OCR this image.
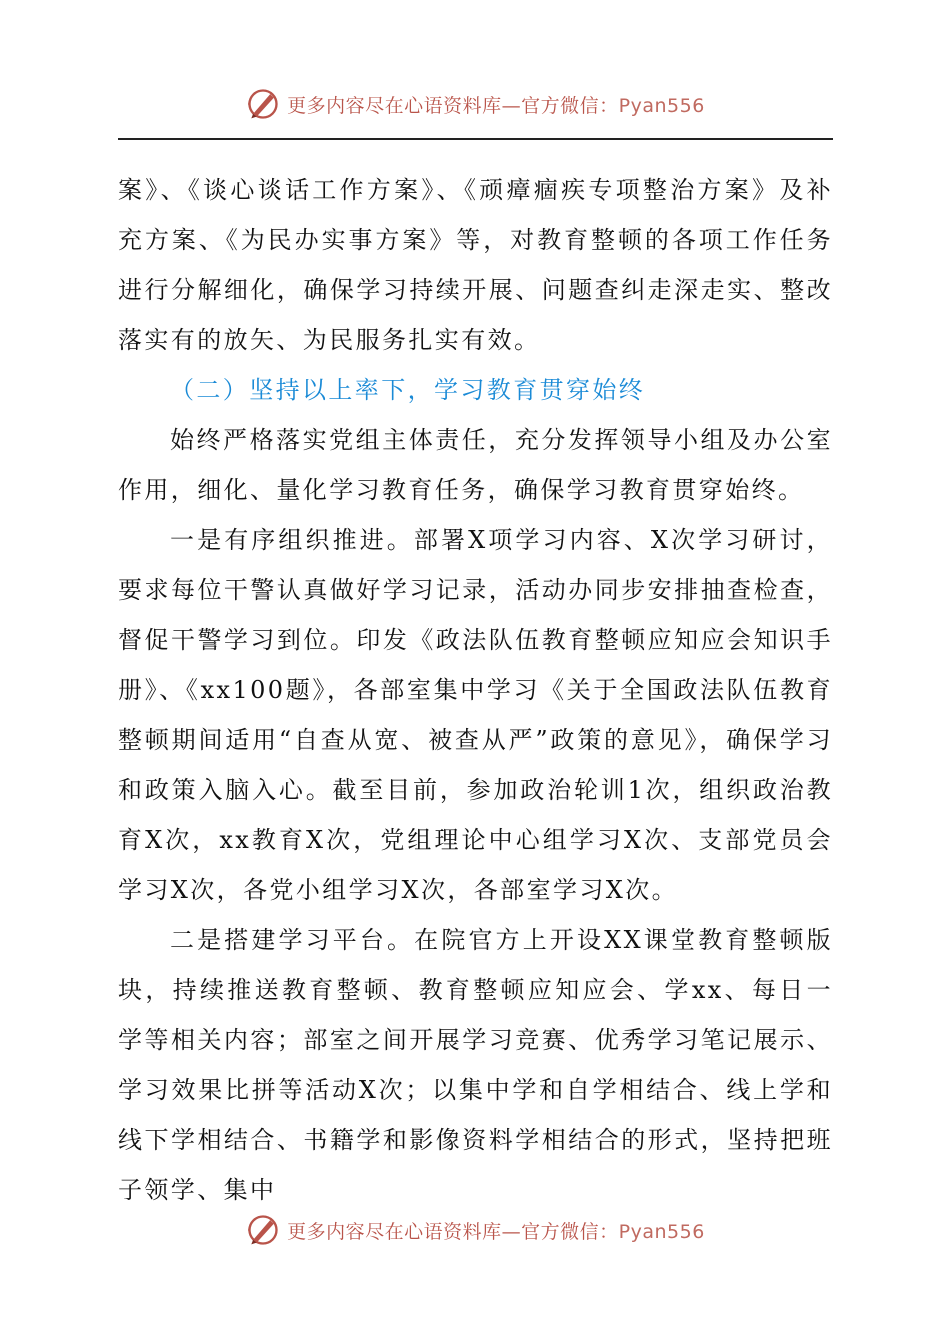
更多内容尽在心语资料库—官方微信：Pyan556

案》、《谈心谈话工作方案》、《顽瘴痼疾专项整治方案》及补充方案、《为民办实事方案》等，对教育整顿的各项工作任务进行分解细化，确保学习持续开展、问题查纠走深走实、整改落实有的放矢、为民服务扎实有效。

（二）坚持以上率下，学习教育贯穿始终

始终严格落实党组主体责任，充分发挥领导小组及办公室作用，细化、量化学习教育任务，确保学习教育贯穿始终。

一是有序组织推进。部署X项学习内容、X次学习研讨，要求每位干警认真做好学习记录，活动办同步安排抽查检查，督促干警学习到位。印发《政法队伍教育整顿应知应会知识手册》、《xx100题》，各部室集中学习《关于全国政法队伍教育整顿期间适用“自查从宽、被查从严”政策的意见》，确保学习和政策入脑入心。截至目前，参加政治轮训1次，组织政治教育X次，xx教育X次，党组理论中心组学习X次、支部党员会学习X次，各党小组学习X次，各部室学习X次。

二是搭建学习平台。在院官方上开设XX课堂教育整顿版块，持续推送教育整顿、教育整顿应知应会、学xx、每日一学等相关内容；部室之间开展学习竞赛、优秀学习笔记展示、学习效果比拼等活动X次；以集中学和自学相结合、线上学和线下学相结合、书籍学和影像资料学相结合的形式，坚持把班子领学、集中

更多内容尽在心语资料库—官方微信：Pyan556
